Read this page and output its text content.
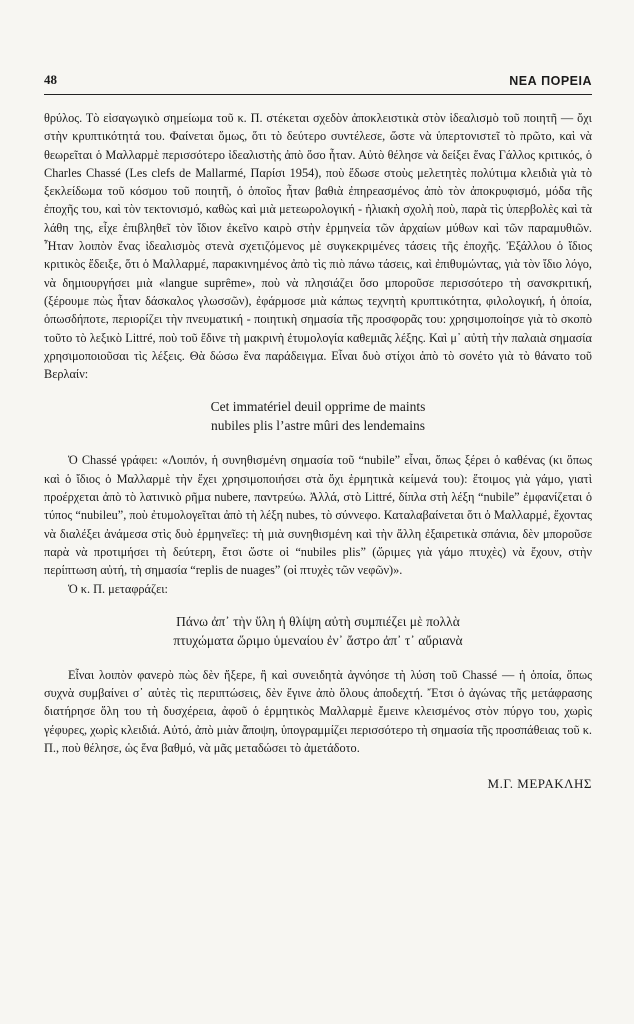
48	ΝΕΑ ΠΟΡΕΙΑ

θρύλος. Τὸ εἰσαγωγικὸ σημείωμα τοῦ κ. Π. στέκεται σχεδὸν ἀποκλειστικὰ στὸν ἰδεαλισμὸ τοῦ ποιητῆ — ὄχι στὴν κρυπτικότητά του. Φαίνεται ὅμως, ὅτι τὸ δεύτερο συντέλεσε, ὥστε νὰ ὑπερτονιστεῖ τὸ πρῶτο, καὶ νὰ θεωρεῖται ὁ Μαλλαρμὲ περισσότερο ἰδεαλιστὴς ἀπὸ ὅσο ἦταν. Αὐτὸ θέλησε νὰ δείξει ἕνας Γάλλος κριτικός, ὁ Charles Chassé (Les clefs de Mallarmé, Παρίσι 1954), ποὺ ἔδωσε στοὺς μελετητὲς πολύτιμα κλειδιὰ γιὰ τὸ ξεκλείδωμα τοῦ κόσμου τοῦ ποιητῆ, ὁ ὁποῖος ἦταν βαθιὰ ἐπηρεασμένος ἀπὸ τὸν ἀποκρυφισμό, μόδα τῆς ἐποχῆς του, καὶ τὸν τεκτονισμό, καθὼς καὶ μιὰ μετεωρολογική - ἠλιακὴ σχολὴ ποὺ, παρὰ τὶς ὑπερβολὲς καὶ τὰ λάθη της, εἶχε ἐπιβληθεῖ τὸν ἴδιον ἐκεῖνο καιρὸ στὴν ἑρμηνεία τῶν ἀρχαίων μύθων καὶ τῶν παραμυθιῶν. Ἦταν λοιπὸν ἕνας ἰδεαλισμὸς στενὰ σχετιζόμενος μὲ συγκεκριμένες τάσεις τῆς ἐποχῆς. Ἐξάλλου ὁ ἴδιος κριτικὸς ἔδειξε, ὅτι ὁ Μαλλαρμέ, παρακινημένος ἀπὸ τὶς πιὸ πάνω τάσεις, καὶ ἐπιθυμώντας, γιὰ τὸν ἴδιο λόγο, νὰ δημιουργήσει μιὰ «langue suprême», ποὺ νὰ πλησιάζει ὅσο μποροῦσε περισσότερο τὴ σανσκριτική, (ξέρουμε πὼς ἦταν δάσκαλος γλωσσῶν), ἐφάρμοσε μιὰ κάπως τεχνητὴ κρυπτικότητα, φιλολογική, ἡ ὁποία, ὁπωσδήποτε, περιορίζει τὴν πνευματική - ποιητικὴ σημασία τῆς προσφορᾶς του: χρησιμοποίησε γιὰ τὸ σκοπὸ τοῦτο τὸ λεξικὸ Littré, ποὺ τοῦ ἔδινε τὴ μακρινὴ ἐτυμολογία καθεμιᾶς λέξης. Καὶ μ᾽ αὐτὴ τὴν παλαιὰ σημασία χρησιμοποιοῦσαι τὶς λέξεις. Θὰ δώσω ἕνα παράδειγμα. Εἶναι δυὸ στίχοι ἀπὸ τὸ σονέτο γιὰ τὸ θάνατο τοῦ Βερλαίν:

Cet immatériel deuil opprime de maints
nubiles plis l’astre mûri des lendemains

Ὁ Chassé γράφει: «Λοιπόν, ἡ συνηθισμένη σημασία τοῦ “nubile” εἶναι, ὅπως ξέρει ὁ καθένας (κι ὅπως καὶ ὁ ἴδιος ὁ Μαλλαρμὲ τὴν ἔχει χρησιμοποιήσει στὰ ὄχι ἑρμητικὰ κείμενά του): ἕτοιμος γιὰ γάμο, γιατὶ προέρχεται ἀπὸ τὸ λατινικὸ ρῆμα nubere, παντρεύω. Ἀλλά, στὸ Littré, δίπλα στὴ λέξη “nubile” ἐμφανίζεται ὁ τύπος “nubileu”, ποὺ ἐτυμολογεῖται ἀπὸ τὴ λέξη nubes, τὸ σύννεφο. Καταλαβαίνεται ὅτι ὁ Μαλλαρμέ, ἔχοντας νὰ διαλέξει ἀνάμεσα στὶς δυὸ ἑρμηνεῖες: τὴ μιὰ συνηθισμένη καὶ τὴν ἄλλη ἐξαιρετικὰ σπάνια, δὲν μποροῦσε παρὰ νὰ προτιμήσει τὴ δεύτερη, ἔτσι ὥστε οἱ “nubiles plis” (ὥριμες γιὰ γάμο πτυχὲς) νὰ ἔχουν, στὴν περίπτωση αὐτή, τὴ σημασία “replis de nuages” (οἱ πτυχὲς τῶν νεφῶν)».

Ὁ κ. Π. μεταφράζει:

Πάνω ἀπ᾽ τὴν ὕλη ἡ θλίψη αὐτὴ συμπιέζει μὲ πολλὰ
πτυχώματα ὥριμο ὑμεναίου ἐν᾽ ἄστρο ἀπ᾽ τ᾽ αὔριανὰ

Εἶναι λοιπὸν φανερὸ πὼς δὲν ἤξερε, ἢ καὶ συνειδητὰ ἀγνόησε τὴ λύση τοῦ Chassé — ἡ ὁποία, ὅπως συχνὰ συμβαίνει σ᾽ αὐτὲς τὶς περιπτώσεις, δὲν ἔγινε ἀπὸ ὅλους ἀποδεχτή. Ἔτσι ὁ ἀγώνας τῆς μετάφρασης διατήρησε ὅλη του τὴ δυσχέρεια, ἀφοῦ ὁ ἑρμητικὸς Μαλλαρμὲ ἔμεινε κλεισμένος στὸν πύργο του, χωρὶς γέφυρες, χωρὶς κλειδιά. Αὐτό, ἀπὸ μιὰν ἄποψη, ὑπογραμμίζει περισσότερο τὴ σημασία τῆς προσπάθειας τοῦ κ. Π., ποὺ θέλησε, ὡς ἕνα βαθμό, νὰ μᾶς μεταδώσει τὸ ἀμετάδοτο.

Μ.Γ. ΜΕΡΑΚΛΗΣ
